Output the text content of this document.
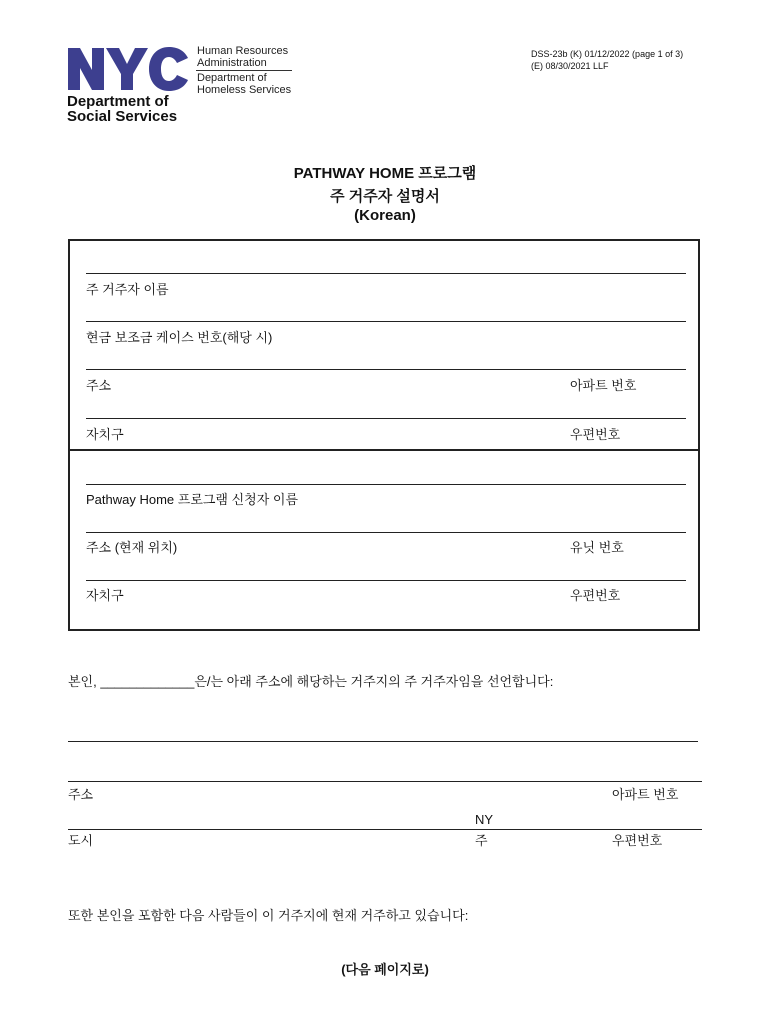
Human Resources
Administration
Department of
Homeless Services
Department of
Social Services
DSS-23b (K) 01/12/2022 (page 1 of 3)
(E) 08/30/2021 LLF
PATHWAY HOME 프로그램
주 거주자 설명서
(Korean)
주 거주자 이름
현금 보조금 케이스 번호(해당 시)
주소	아파트 번호
자치구	우편번호
Pathway Home 프로그램 신청자 이름
주소 (현재 위치)	유닛 번호
자치구	우편번호
본인, _____________은/는 아래 주소에 해당하는 거주지의 주 거주자임을 선언합니다:
주소	아파트 번호
NY
도시	주	우편번호
또한 본인을 포함한 다음 사람들이 이 거주지에 현재 거주하고 있습니다:
(다음 페이지로)
